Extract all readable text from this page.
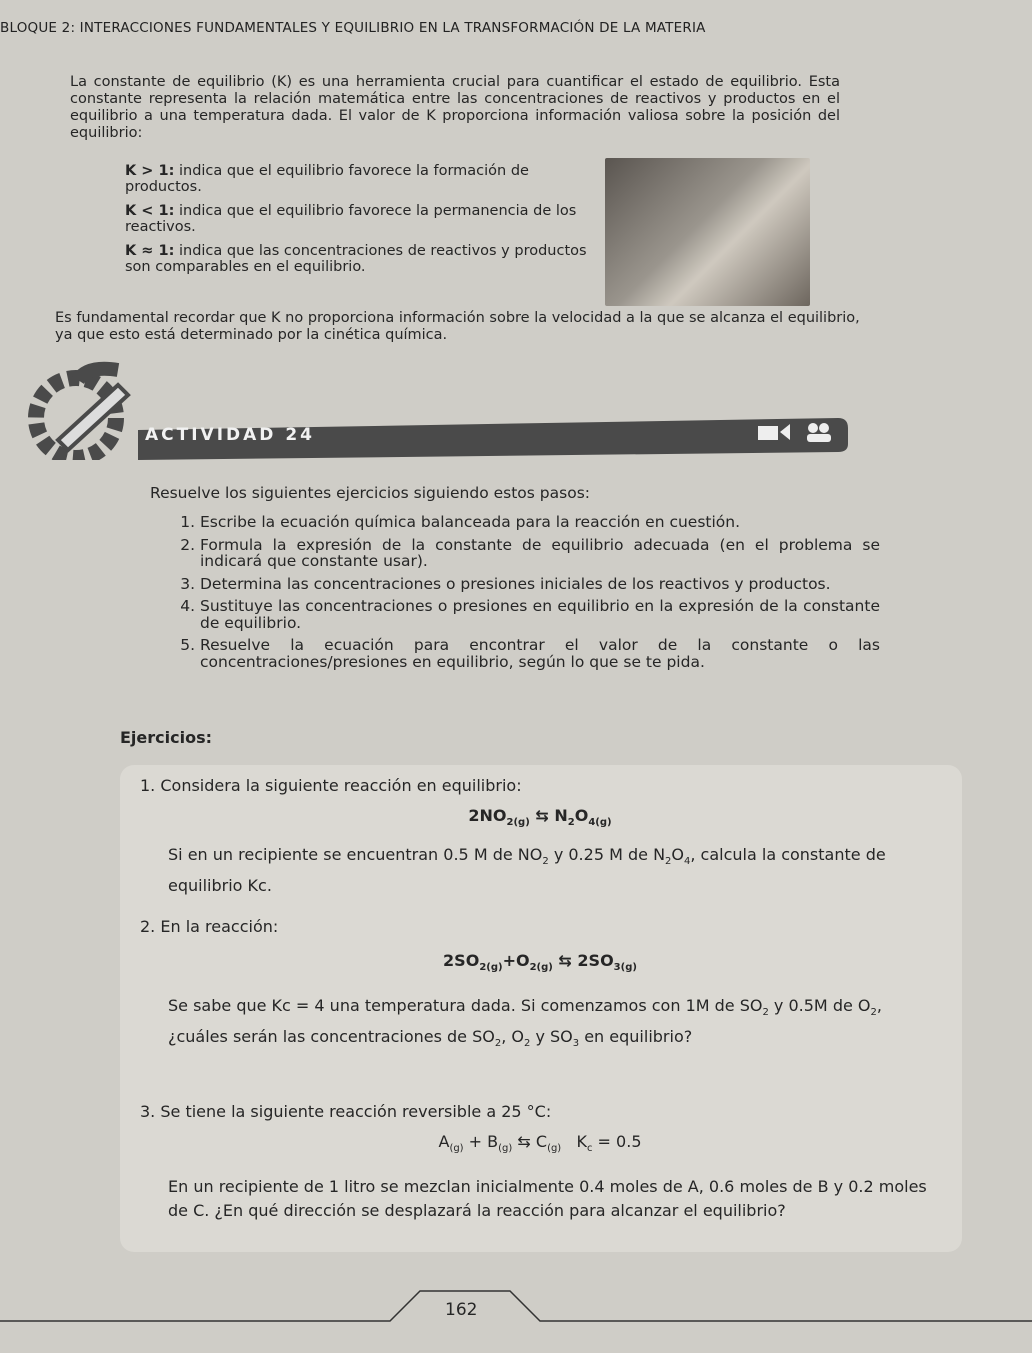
BLOQUE 2: INTERACCIONES FUNDAMENTALES Y EQUILIBRIO EN LA TRANSFORMACIÓN DE LA MATERIA
La constante de equilibrio (K) es una herramienta crucial para cuantificar el estado de equilibrio. Esta constante representa la relación matemática entre las concentraciones de reactivos y productos en el equilibrio a una temperatura dada. El valor de K proporciona información valiosa sobre la posición del equilibrio:
K > 1: indica que el equilibrio favorece la formación de productos.
K < 1: indica que el equilibrio favorece la permanencia de los reactivos.
K ≈ 1: indica que las concentraciones de reactivos y productos son comparables en el equilibrio.
Es fundamental recordar que K no proporciona información sobre la velocidad a la que se alcanza el equilibrio, ya que esto está determinado por la cinética química.
ACTIVIDAD 24
Resuelve los siguientes ejercicios siguiendo estos pasos:
1. Escribe la ecuación química balanceada para la reacción en cuestión.
2. Formula la expresión de la constante de equilibrio adecuada (en el problema se indicará que constante usar).
3. Determina las concentraciones o presiones iniciales de los reactivos y productos.
4. Sustituye las concentraciones o presiones en equilibrio en la expresión de la constante de equilibrio.
5. Resuelve la ecuación para encontrar el valor de la constante o las concentraciones/presiones en equilibrio, según lo que se te pida.
Ejercicios:
1. Considera la siguiente reacción en equilibrio:
$2NO_{2(g)}$ ⇆ $N_2O_{4(g)}$
Si en un recipiente se encuentran 0.5 M de $NO_2$ y 0.25 M de $N_2O_4$, calcula la constante de equilibrio Kc.
2. En la reacción:
$2SO_{2(g)}+O_{2(g)}$ ⇆ $2SO_{3(g)}$
Se sabe que Kc = 4 una temperatura dada. Si comenzamos con 1M de $SO_2$ y 0.5M de $O_2$, ¿cuáles serán las concentraciones de $SO_2$, $O_2$ y $SO_3$ en equilibrio?
3. Se tiene la siguiente reacción reversible a 25 °C:
$A_{(g)} + B_{(g)}$ ⇆ $C_{(g)}$   $K_c = 0.5$
En un recipiente de 1 litro se mezclan inicialmente 0.4 moles de A, 0.6 moles de B y 0.2 moles de C. ¿En qué dirección se desplazará la reacción para alcanzar el equilibrio?
162
